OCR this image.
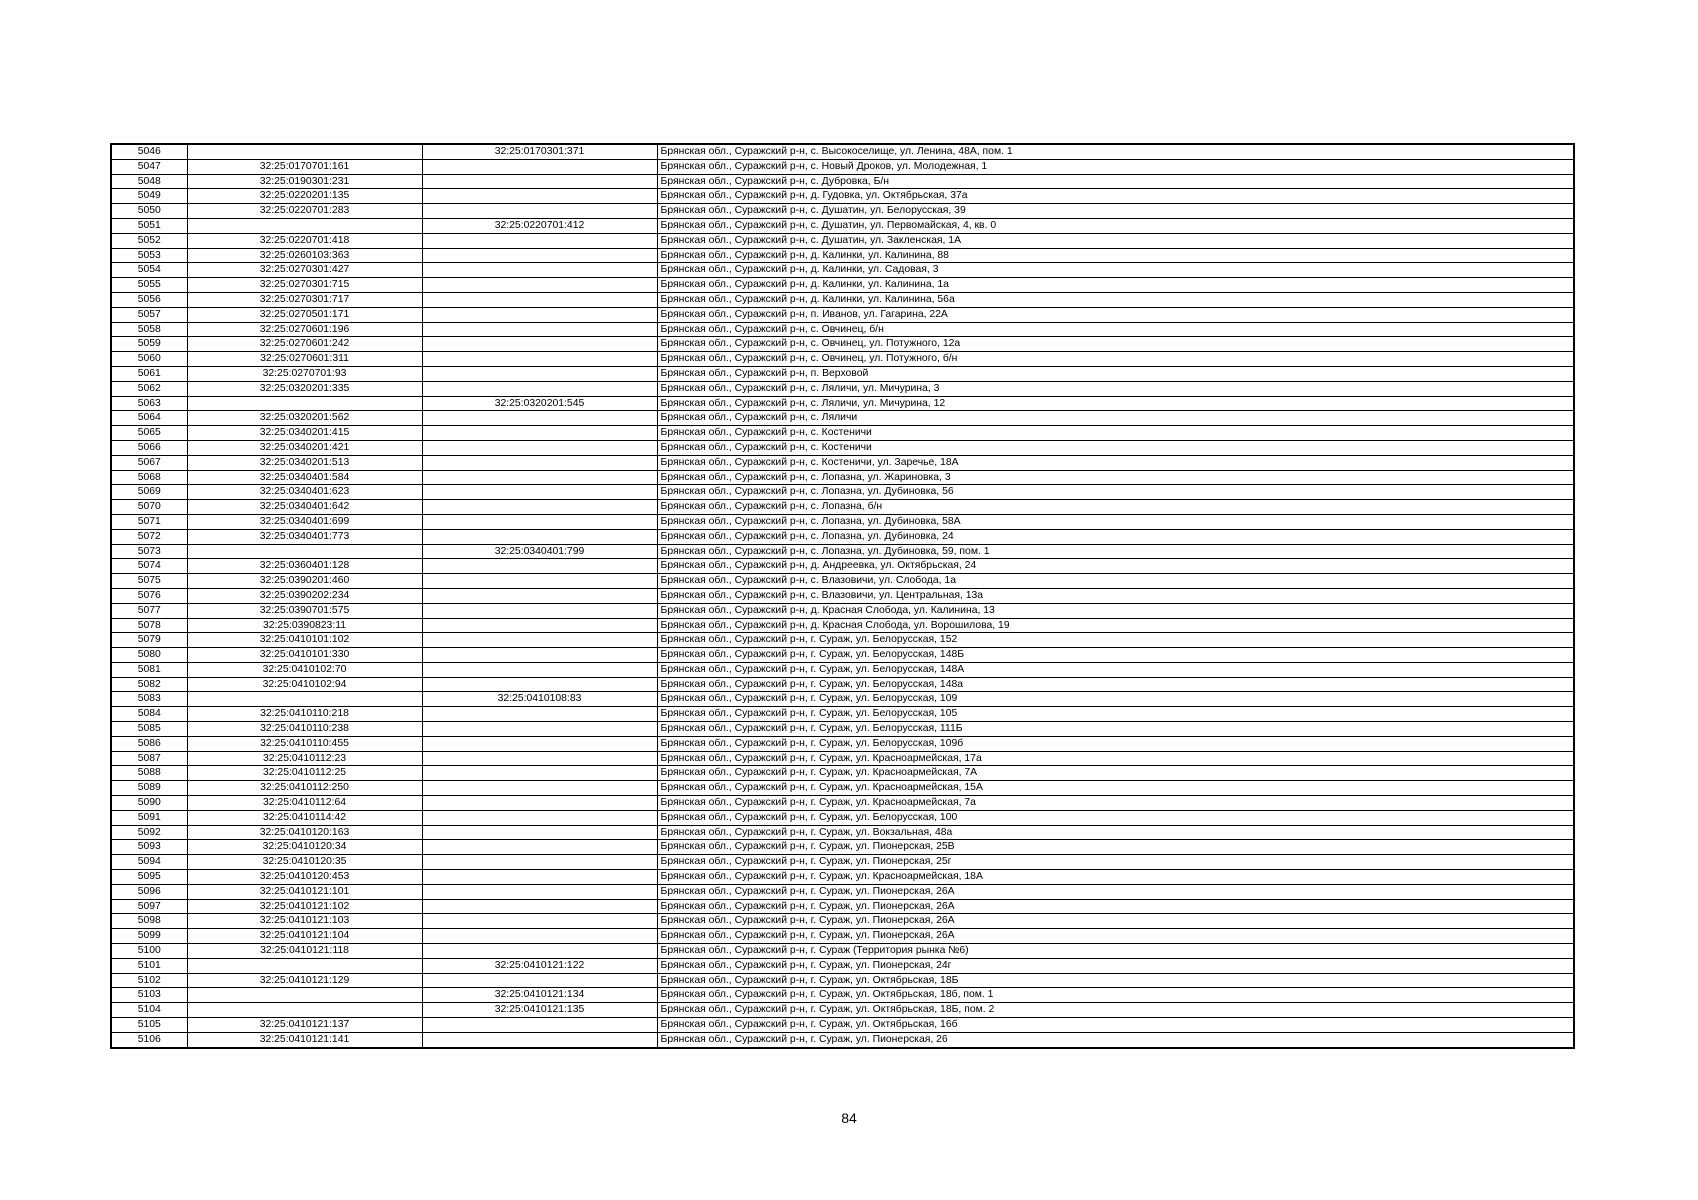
5046		32:25:0170301:371	Брянская обл., Суражский р-н, с. Высокоселище, ул. Ленина, 48А, пом. 1
5047	32:25:0170701:161		Брянская обл., Суражский р-н, с. Новый Дроков, ул. Молодежная, 1
5048	32:25:0190301:231		Брянская обл., Суражский р-н, с. Дубровка, Б/н
5049	32:25:0220201:135		Брянская обл., Суражский р-н, д. Гудовка, ул. Октябрьская, 37а
5050	32:25:0220701:283		Брянская обл., Суражский р-н, с. Душатин, ул. Белорусская, 39
5051		32:25:0220701:412	Брянская обл., Суражский р-н, с. Душатин, ул. Первомайская, 4, кв. 0
5052	32:25:0220701:418		Брянская обл., Суражский р-н, с. Душатин, ул. Закленская, 1А
5053	32:25:0260103:363		Брянская обл., Суражский р-н, д. Калинки, ул. Калинина, 88
5054	32:25:0270301:427		Брянская обл., Суражский р-н, д. Калинки, ул. Садовая, 3
5055	32:25:0270301:715		Брянская обл., Суражский р-н, д. Калинки, ул. Калинина, 1а
5056	32:25:0270301:717		Брянская обл., Суражский р-н, д. Калинки, ул. Калинина, 56а
5057	32:25:0270501:171		Брянская обл., Суражский р-н, п. Иванов, ул. Гагарина, 22А
5058	32:25:0270601:196		Брянская обл., Суражский р-н, с. Овчинец, б/н
5059	32:25:0270601:242		Брянская обл., Суражский р-н, с. Овчинец, ул. Потужного, 12а
5060	32:25:0270601:311		Брянская обл., Суражский р-н, с. Овчинец, ул. Потужного, б/н
5061	32:25:0270701:93		Брянская обл., Суражский р-н, п. Верховой
5062	32:25:0320201:335		Брянская обл., Суражский р-н, с. Ляличи, ул. Мичурина, 3
5063		32:25:0320201:545	Брянская обл., Суражский р-н, с. Ляличи, ул. Мичурина, 12
5064	32:25:0320201:562		Брянская обл., Суражский р-н, с. Ляличи
5065	32:25:0340201:415		Брянская обл., Суражский р-н, с. Костеничи
5066	32:25:0340201:421		Брянская обл., Суражский р-н, с. Костеничи
5067	32:25:0340201:513		Брянская обл., Суражский р-н, с. Костеничи, ул. Заречье, 18А
5068	32:25:0340401:584		Брянская обл., Суражский р-н, с. Лопазна, ул. Жариновка, 3
5069	32:25:0340401:623		Брянская обл., Суражский р-н, с. Лопазна, ул. Дубиновка, 56
5070	32:25:0340401:642		Брянская обл., Суражский р-н, с. Лопазна, б/н
5071	32:25:0340401:699		Брянская обл., Суражский р-н, с. Лопазна, ул. Дубиновка, 58А
5072	32:25:0340401:773		Брянская обл., Суражский р-н, с. Лопазна, ул. Дубиновка, 24
5073		32:25:0340401:799	Брянская обл., Суражский р-н, с. Лопазна, ул. Дубиновка, 59, пом. 1
5074	32:25:0360401:128		Брянская обл., Суражский р-н, д. Андреевка, ул. Октябрьская, 24
5075	32:25:0390201:460		Брянская обл., Суражский р-н, с. Влазовичи, ул. Слобода, 1а
5076	32:25:0390202:234		Брянская обл., Суражский р-н, с. Влазовичи, ул. Центральная, 13а
5077	32:25:0390701:575		Брянская обл., Суражский р-н, д. Красная Слобода, ул. Калинина, 13
5078	32:25:0390823:11		Брянская обл., Суражский р-н, д. Красная Слобода, ул. Ворошилова, 19
5079	32:25:0410101:102		Брянская обл., Суражский р-н, г. Сураж, ул. Белорусская, 152
5080	32:25:0410101:330		Брянская обл., Суражский р-н, г. Сураж, ул. Белорусская, 148Б
5081	32:25:0410102:70		Брянская обл., Суражский р-н, г. Сураж, ул. Белорусская, 148А
5082	32:25:0410102:94		Брянская обл., Суражский р-н, г. Сураж, ул. Белорусская, 148а
5083		32:25:0410108:83	Брянская обл., Суражский р-н, г. Сураж, ул. Белорусская, 109
5084	32:25:0410110:218		Брянская обл., Суражский р-н, г. Сураж, ул. Белорусская, 105
5085	32:25:0410110:238		Брянская обл., Суражский р-н, г. Сураж, ул. Белорусская, 111Б
5086	32:25:0410110:455		Брянская обл., Суражский р-н, г. Сураж, ул. Белорусская, 109б
5087	32:25:0410112:23		Брянская обл., Суражский р-н, г. Сураж, ул. Красноармейская, 17а
5088	32:25:0410112:25		Брянская обл., Суражский р-н, г. Сураж, ул. Красноармейская, 7А
5089	32:25:0410112:250		Брянская обл., Суражский р-н, г. Сураж, ул. Красноармейская, 15А
5090	32:25:0410112:64		Брянская обл., Суражский р-н, г. Сураж, ул. Красноармейская, 7а
5091	32:25:0410114:42		Брянская обл., Суражский р-н, г. Сураж, ул. Белорусская, 100
5092	32:25:0410120:163		Брянская обл., Суражский р-н, г. Сураж, ул. Вокзальная, 48а
5093	32:25:0410120:34		Брянская обл., Суражский р-н, г. Сураж, ул. Пионерская, 25В
5094	32:25:0410120:35		Брянская обл., Суражский р-н, г. Сураж, ул. Пионерская, 25г
5095	32:25:0410120:453		Брянская обл., Суражский р-н, г. Сураж, ул. Красноармейская, 18А
5096	32:25:0410121:101		Брянская обл., Суражский р-н, г. Сураж, ул. Пионерская, 26А
5097	32:25:0410121:102		Брянская обл., Суражский р-н, г. Сураж, ул. Пионерская, 26А
5098	32:25:0410121:103		Брянская обл., Суражский р-н, г. Сураж, ул. Пионерская, 26А
5099	32:25:0410121:104		Брянская обл., Суражский р-н, г. Сураж, ул. Пионерская, 26А
5100	32:25:0410121:118		Брянская обл., Суражский р-н, г. Сураж (Территория рынка №6)
5101		32:25:0410121:122	Брянская обл., Суражский р-н, г. Сураж, ул. Пионерская, 24г
5102	32:25:0410121:129		Брянская обл., Суражский р-н, г. Сураж, ул. Октябрьская, 18Б
5103		32:25:0410121:134	Брянская обл., Суражский р-н, г. Сураж, ул. Октябрьская, 18б, пом. 1
5104		32:25:0410121:135	Брянская обл., Суражский р-н, г. Сураж, ул. Октябрьская, 18Б, пом. 2
5105	32:25:0410121:137		Брянская обл., Суражский р-н, г. Сураж, ул. Октябрьская, 16б
5106	32:25:0410121:141		Брянская обл., Суражский р-н, г. Сураж, ул. Пионерская, 26
84
